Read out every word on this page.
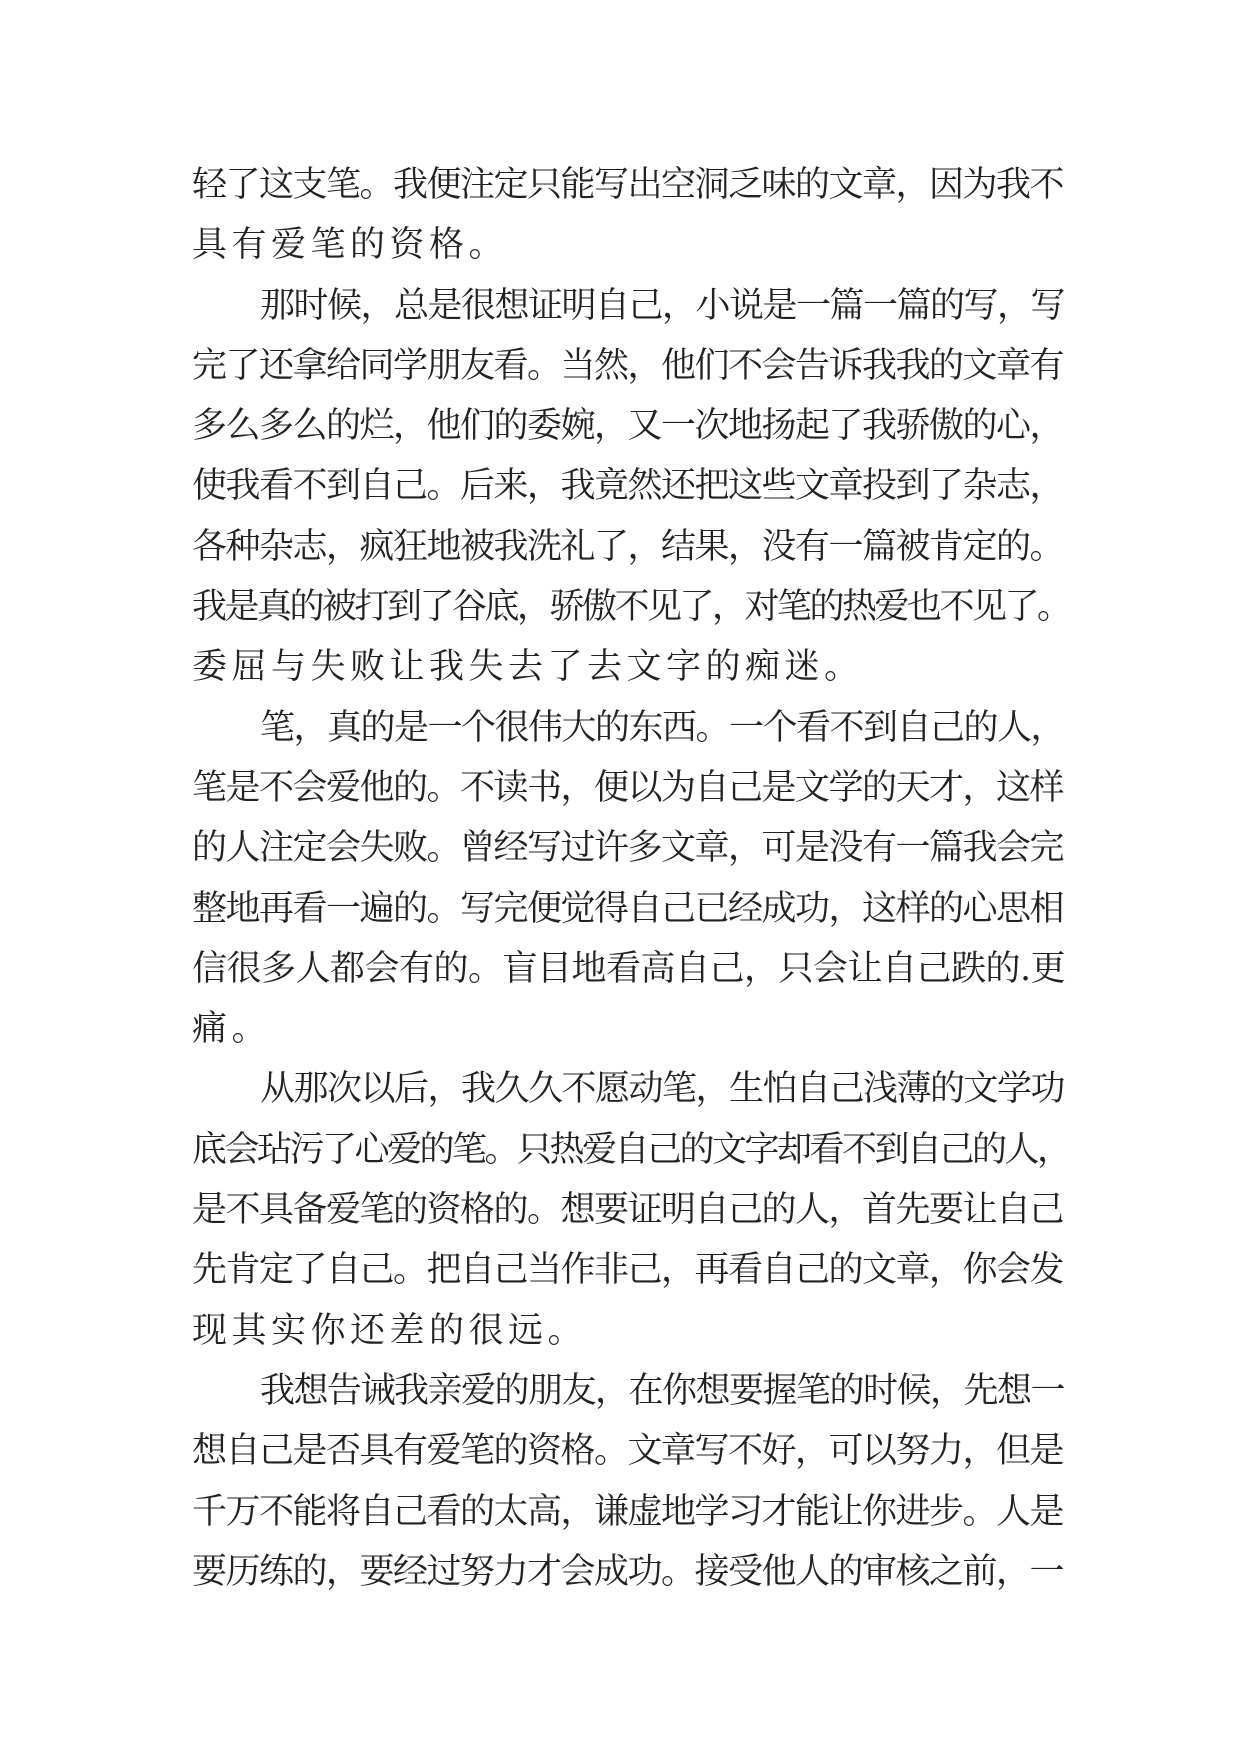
轻了这支笔。我便注定只能写出空洞乏味的文章，因为我不
具有爱笔的资格。
那时候，总是很想证明自己，小说是一篇一篇的写，写
完了还拿给同学朋友看。当然，他们不会告诉我我的文章有
多么多么的烂，他们的委婉，又一次地扬起了我骄傲的心，
使我看不到自己。后来，我竟然还把这些文章投到了杂志，
各种杂志，疯狂地被我洗礼了，结果，没有一篇被肯定的。
我是真的被打到了谷底，骄傲不见了，对笔的热爱也不见了。
委屈与失败让我失去了去文字的痴迷。
笔，真的是一个很伟大的东西。一个看不到自己的人，
笔是不会爱他的。不读书，便以为自己是文学的天才，这样
的人注定会失败。曾经写过许多文章，可是没有一篇我会完
整地再看一遍的。写完便觉得自己已经成功，这样的心思相
信很多人都会有的。盲目地看高自己，只会让自己跌的.更
痛。
从那次以后，我久久不愿动笔，生怕自己浅薄的文学功
底会玷污了心爱的笔。只热爱自己的文字却看不到自己的人，
是不具备爱笔的资格的。想要证明自己的人，首先要让自己
先肯定了自己。把自己当作非己，再看自己的文章，你会发
现其实你还差的很远。
我想告诫我亲爱的朋友，在你想要握笔的时候，先想一
想自己是否具有爱笔的资格。文章写不好，可以努力，但是
千万不能将自己看的太高，谦虚地学习才能让你进步。人是
要历练的，要经过努力才会成功。接受他人的审核之前，一
